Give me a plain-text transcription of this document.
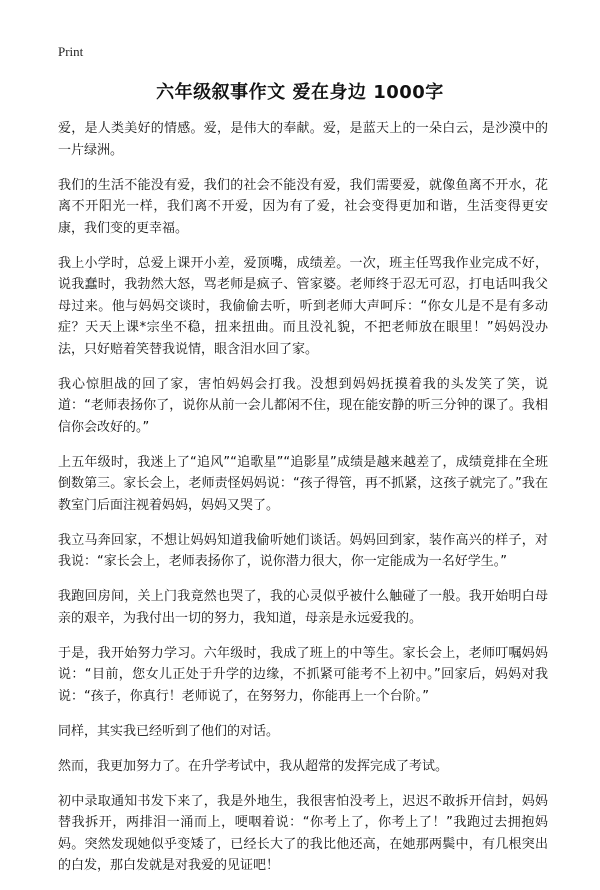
Print
六年级叙事作文 爱在身边 1000字

爱，是人类美好的情感。爱，是伟大的奉献。爱，是蓝天上的一朵白云，是沙漠中的一片绿洲。

我们的生活不能没有爱，我们的社会不能没有爱，我们需要爱，就像鱼离不开水，花离不开阳光一样，我们离不开爱，因为有了爱，社会变得更加和谐，生活变得更安康，我们变的更幸福。

我上小学时，总爱上课开小差，爱顶嘴，成绩差。一次，班主任骂我作业完成不好，说我蠢时，我勃然大怒，骂老师是疯子、管家婆。老师终于忍无可忍，打电话叫我父母过来。他与妈妈交谈时，我偷偷去听，听到老师大声呵斥：“你女儿是不是有多动症？天天上课*宗坐不稳，扭来扭曲。而且没礼貌，不把老师放在眼里！”妈妈没办法，只好赔着笑替我说情，眼含泪水回了家。

我心惊胆战的回了家，害怕妈妈会打我。没想到妈妈抚摸着我的头发笑了笑，说道：“老师表扬你了，说你从前一会儿都闲不住，现在能安静的听三分钟的课了。我相信你会改好的。”

上五年级时，我迷上了“追风”“追歌星”“追影星”成绩是越来越差了，成绩竟排在全班倒数第三。家长会上，老师责怪妈妈说：“孩子得管，再不抓紧，这孩子就完了。”我在教室门后面注视着妈妈，妈妈又哭了。

我立马奔回家，不想让妈妈知道我偷听她们谈话。妈妈回到家，装作高兴的样子，对我说：“家长会上，老师表扬你了，说你潜力很大，你一定能成为一名好学生。”

我跑回房间，关上门我竟然也哭了，我的心灵似乎被什么触碰了一般。我开始明白母亲的艰辛，为我付出一切的努力，我知道，母亲是永远爱我的。

于是，我开始努力学习。六年级时，我成了班上的中等生。家长会上，老师叮嘱妈妈说：“目前，您女儿正处于升学的边缘，不抓紧可能考不上初中。”回家后，妈妈对我说：“孩子，你真行！老师说了，在努努力，你能再上一个台阶。”

同样，其实我已经听到了他们的对话。

然而，我更加努力了。在升学考试中，我从超常的发挥完成了考试。

初中录取通知书发下来了，我是外地生，我很害怕没考上，迟迟不敢拆开信封，妈妈替我拆开，两排泪一涌而上，哽咽着说：“你考上了，你考上了！”我跑过去拥抱妈妈。突然发现她似乎变矮了，已经长大了的我比他还高，在她那两鬓中，有几根突出的白发，那白发就是对我爱的见证吧！
